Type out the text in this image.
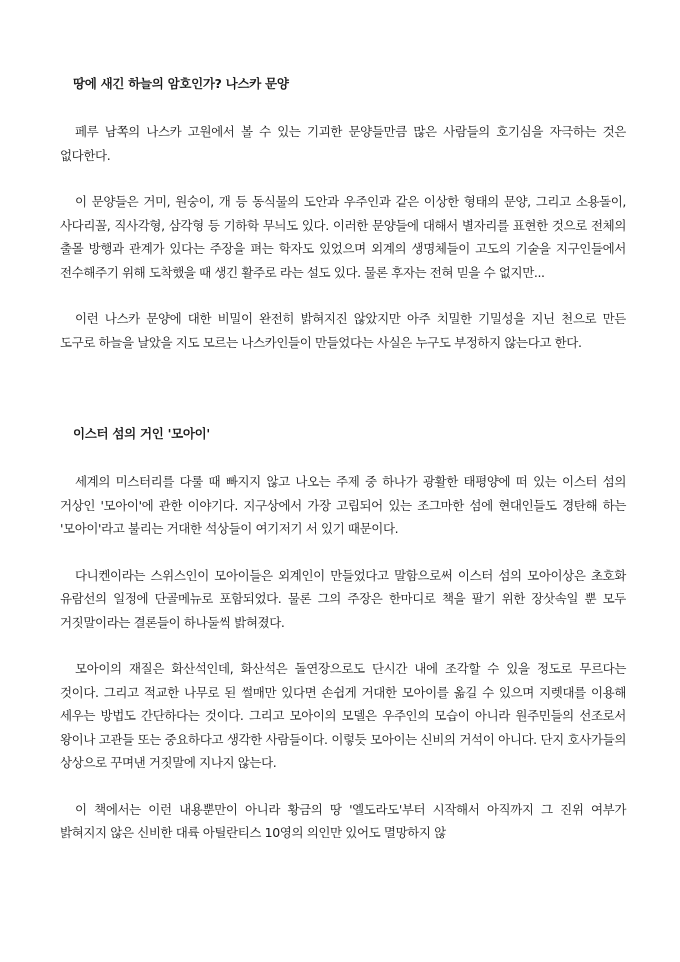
땅에 새긴 하늘의 암호인가? 나스카 문양

페루 남쪽의 나스카 고원에서 볼 수 있는 기괴한 문양들만큼 많은 사람들의 호기심을 자극하는 것은 없다한다.

이 문양들은 거미, 원숭이, 개 등 동식물의 도안과 우주인과 같은 이상한 형태의 문양, 그리고 소용돌이, 사다리꼴, 직사각형, 삼각형 등 기하학 무늬도 있다. 이러한 문양들에 대해서 별자리를 표현한 것으로 전체의 출몰 방행과 관계가 있다는 주장을 펴는 학자도 있었으며 외계의 생명체들이 고도의 기술을 지구인들에서 전수해주기 위해 도착했을 때 생긴 활주로 라는 설도 있다. 물론 후자는 전혀 믿을 수 없지만...

이런 나스카 문양에 대한 비밀이 완전히 밝혀지진 않았지만 아주 치밀한 기밀성을 지닌 천으로 만든 도구로 하늘을 날았을 지도 모르는 나스카인들이 만들었다는 사실은 누구도 부정하지 않는다고 한다.

이스터 섬의 거인 '모아이'

세계의 미스터리를 다룰 때 빠지지 않고 나오는 주제 중 하나가 광활한 태평양에 떠 있는 이스터 섬의 거상인 '모아이'에 관한 이야기다. 지구상에서 가장 고립되어 있는 조그마한 섬에 현대인들도 경탄해 하는 '모아이'라고 불리는 거대한 석상들이 여기저기 서 있기 때문이다.

다니켄이라는 스위스인이 모아이들은 외계인이 만들었다고 말함으로써 이스터 섬의 모아이상은 초호화 유람선의 일정에 단골메뉴로 포함되었다. 물론 그의 주장은 한마디로 책을 팔기 위한 장삿속일 뿐 모두 거짓말이라는 결론들이 하나둘씩 밝혀졌다.

모아이의 재질은 화산석인데, 화산석은 돌연장으로도 단시간 내에 조각할 수 있을 정도로 무르다는 것이다. 그리고 적교한 나무로 된 썰매만 있다면 손쉽게 거대한 모아이를 옮길 수 있으며 지렛대를 이용해 세우는 방법도 간단하다는 것이다. 그리고 모아이의 모델은 우주인의 모습이 아니라 원주민들의 선조로서 왕이나 고관들 또는 중요하다고 생각한 사람들이다. 이렇듯 모아이는 신비의 거석이 아니다. 단지 호사가들의 상상으로 꾸며낸 거짓말에 지나지 않는다.

이 책에서는 이런 내용뿐만이 아니라 황금의 땅 '엘도라도'부터 시작해서 아직까지 그 진위 여부가 밝혀지지 않은 신비한 대륙 아틸란티스 10영의 의인만 있어도 멸망하지 않
